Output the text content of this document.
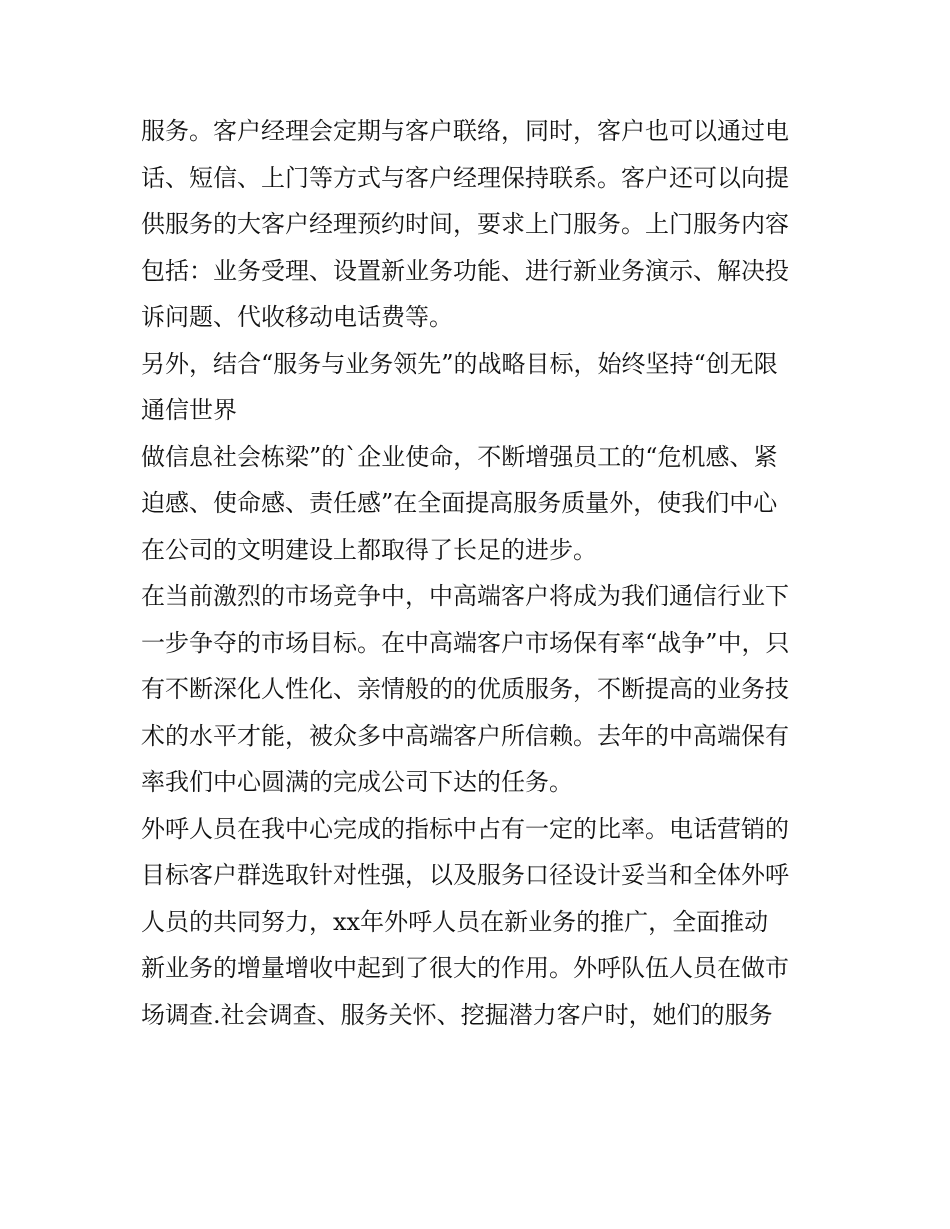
服务。客户经理会定期与客户联络，同时，客户也可以通过电

话、短信、上门等方式与客户经理保持联系。客户还可以向提

供服务的大客户经理预约时间，要求上门服务。上门服务内容

包括：业务受理、设置新业务功能、进行新业务演示、解决投

诉问题、代收移动电话费等。

另外，结合“服务与业务领先”的战略目标，始终坚持“创无限

通信世界

做信息社会栋梁”的`企业使命，不断增强员工的“危机感、紧

迫感、使命感、责任感”在全面提高服务质量外，使我们中心

在公司的文明建设上都取得了长足的进步。

在当前激烈的市场竞争中，中高端客户将成为我们通信行业下

一步争夺的市场目标。在中高端客户市场保有率“战争”中，只

有不断深化人性化、亲情般的的优质服务，不断提高的业务技

术的水平才能，被众多中高端客户所信赖。去年的中高端保有

率我们中心圆满的完成公司下达的任务。

外呼人员在我中心完成的指标中占有一定的比率。电话营销的

目标客户群选取针对性强，以及服务口径设计妥当和全体外呼

人员的共同努力，xx年外呼人员在新业务的推广，全面推动

新业务的增量增收中起到了很大的作用。外呼队伍人员在做市

场调查.社会调查、服务关怀、挖掘潜力客户时，她们的服务
